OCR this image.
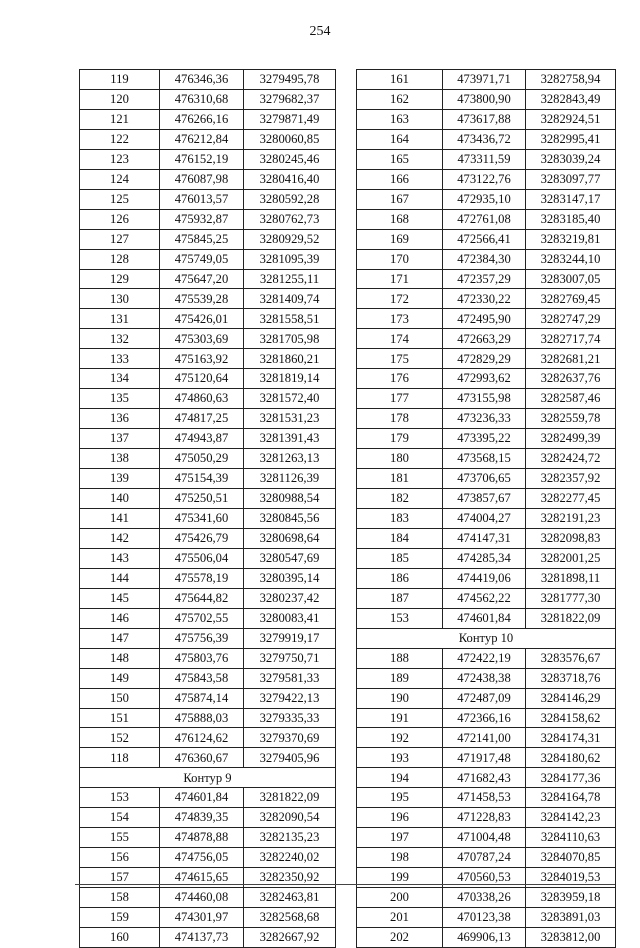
254
119	476346,36	3279495,78
120	476310,68	3279682,37
121	476266,16	3279871,49
122	476212,84	3280060,85
123	476152,19	3280245,46
124	476087,98	3280416,40
125	476013,57	3280592,28
126	475932,87	3280762,73
127	475845,25	3280929,52
128	475749,05	3281095,39
129	475647,20	3281255,11
130	475539,28	3281409,74
131	475426,01	3281558,51
132	475303,69	3281705,98
133	475163,92	3281860,21
134	475120,64	3281819,14
135	474860,63	3281572,40
136	474817,25	3281531,23
137	474943,87	3281391,43
138	475050,29	3281263,13
139	475154,39	3281126,39
140	475250,51	3280988,54
141	475341,60	3280845,56
142	475426,79	3280698,64
143	475506,04	3280547,69
144	475578,19	3280395,14
145	475644,82	3280237,42
146	475702,55	3280083,41
147	475756,39	3279919,17
148	475803,76	3279750,71
149	475843,58	3279581,33
150	475874,14	3279422,13
151	475888,03	3279335,33
152	476124,62	3279370,69
118	476360,67	3279405,96
Контур 9		
153	474601,84	3281822,09
154	474839,35	3282090,54
155	474878,88	3282135,23
156	474756,05	3282240,02
157	474615,65	3282350,92
158	474460,08	3282463,81
159	474301,97	3282568,68
160	474137,73	3282667,92
161	473971,71	3282758,94
162	473800,90	3282843,49
163	473617,88	3282924,51
164	473436,72	3282995,41
165	473311,59	3283039,24
166	473122,76	3283097,77
167	472935,10	3283147,17
168	472761,08	3283185,40
169	472566,41	3283219,81
170	472384,30	3283244,10
171	472357,29	3283007,05
172	472330,22	3282769,45
173	472495,90	3282747,29
174	472663,29	3282717,74
175	472829,29	3282681,21
176	472993,62	3282637,76
177	473155,98	3282587,46
178	473236,33	3282559,78
179	473395,22	3282499,39
180	473568,15	3282424,72
181	473706,65	3282357,92
182	473857,67	3282277,45
183	474004,27	3282191,23
184	474147,31	3282098,83
185	474285,34	3282001,25
186	474419,06	3281898,11
187	474562,22	3281777,30
153	474601,84	3281822,09
Контур 10		
188	472422,19	3283576,67
189	472438,38	3283718,76
190	472487,09	3284146,29
191	472366,16	3284158,62
192	472141,00	3284174,31
193	471917,48	3284180,62
194	471682,43	3284177,36
195	471458,53	3284164,78
196	471228,83	3284142,23
197	471004,48	3284110,63
198	470787,24	3284070,85
199	470560,53	3284019,53
200	470338,26	3283959,18
201	470123,38	3283891,03
202	469906,13	3283812,00
